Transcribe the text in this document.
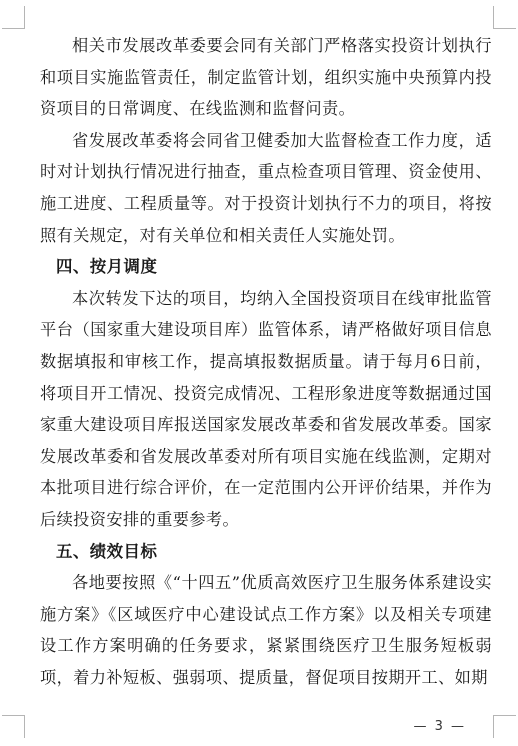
相关市发展改革委要会同有关部门严格落实投资计划执行和项目实施监管责任，制定监管计划，组织实施中央预算内投资项目的日常调度、在线监测和监督问责。

省发展改革委将会同省卫健委加大监督检查工作力度，适时对计划执行情况进行抽查，重点检查项目管理、资金使用、施工进度、工程质量等。对于投资计划执行不力的项目，将按照有关规定，对有关单位和相关责任人实施处罚。

四、按月调度

本次转发下达的项目，均纳入全国投资项目在线审批监管平台（国家重大建设项目库）监管体系，请严格做好项目信息数据填报和审核工作，提高填报数据质量。请于每月6日前，将项目开工情况、投资完成情况、工程形象进度等数据通过国家重大建设项目库报送国家发展改革委和省发展改革委。国家发展改革委和省发展改革委对所有项目实施在线监测，定期对本批项目进行综合评价，在一定范围内公开评价结果，并作为后续投资安排的重要参考。

五、绩效目标

各地要按照《“十四五”优质高效医疗卫生服务体系建设实施方案》《区域医疗中心建设试点工作方案》以及相关专项建设工作方案明确的任务要求，紧紧围绕医疗卫生服务短板弱项，着力补短板、强弱项、提质量，督促项目按期开工、如期

— 3 —
